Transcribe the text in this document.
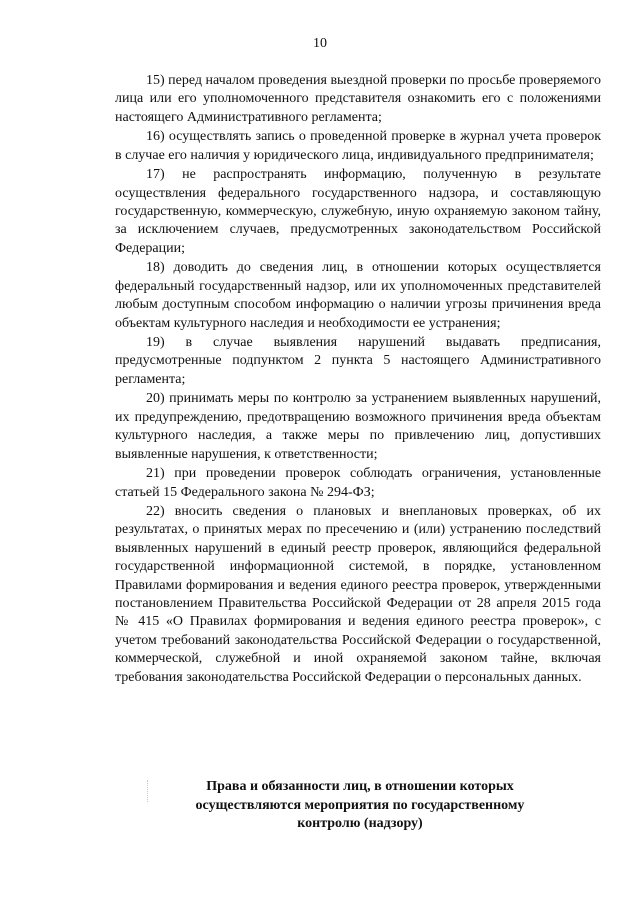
10

15) перед началом проведения выездной проверки по просьбе проверяемого лица или его уполномоченного представителя ознакомить его с положениями настоящего Административного регламента;

16) осуществлять запись о проведенной проверке в журнал учета проверок в случае его наличия у юридического лица, индивидуального предпринимателя;

17) не распространять информацию, полученную в результате осуществления федерального государственного надзора, и составляющую государственную, коммерческую, служебную, иную охраняемую законом тайну, за исключением случаев, предусмотренных законодательством Российской Федерации;

18) доводить до сведения лиц, в отношении которых осуществляется федеральный государственный надзор, или их уполномоченных представителей любым доступным способом информацию о наличии угрозы причинения вреда объектам культурного наследия и необходимости ее устранения;

19) в случае выявления нарушений выдавать предписания, предусмотренные подпунктом 2 пункта 5 настоящего Административного регламента;

20) принимать меры по контролю за устранением выявленных нарушений, их предупреждению, предотвращению возможного причинения вреда объектам культурного наследия, а также меры по привлечению лиц, допустивших выявленные нарушения, к ответственности;

21) при проведении проверок соблюдать ограничения, установленные статьей 15 Федерального закона № 294-ФЗ;

22) вносить сведения о плановых и внеплановых проверках, об их результатах, о принятых мерах по пресечению и (или) устранению последствий выявленных нарушений в единый реестр проверок, являющийся федеральной государственной информационной системой, в порядке, установленном Правилами формирования и ведения единого реестра проверок, утвержденными постановлением Правительства Российской Федерации от 28 апреля 2015 года № 415 «О Правилах формирования и ведения единого реестра проверок», с учетом требований законодательства Российской Федерации о государственной, коммерческой, служебной и иной охраняемой законом тайне, включая требования законодательства Российской Федерации о персональных данных.

Права и обязанности лиц, в отношении которых
осуществляются мероприятия по государственному
контролю (надзору)
